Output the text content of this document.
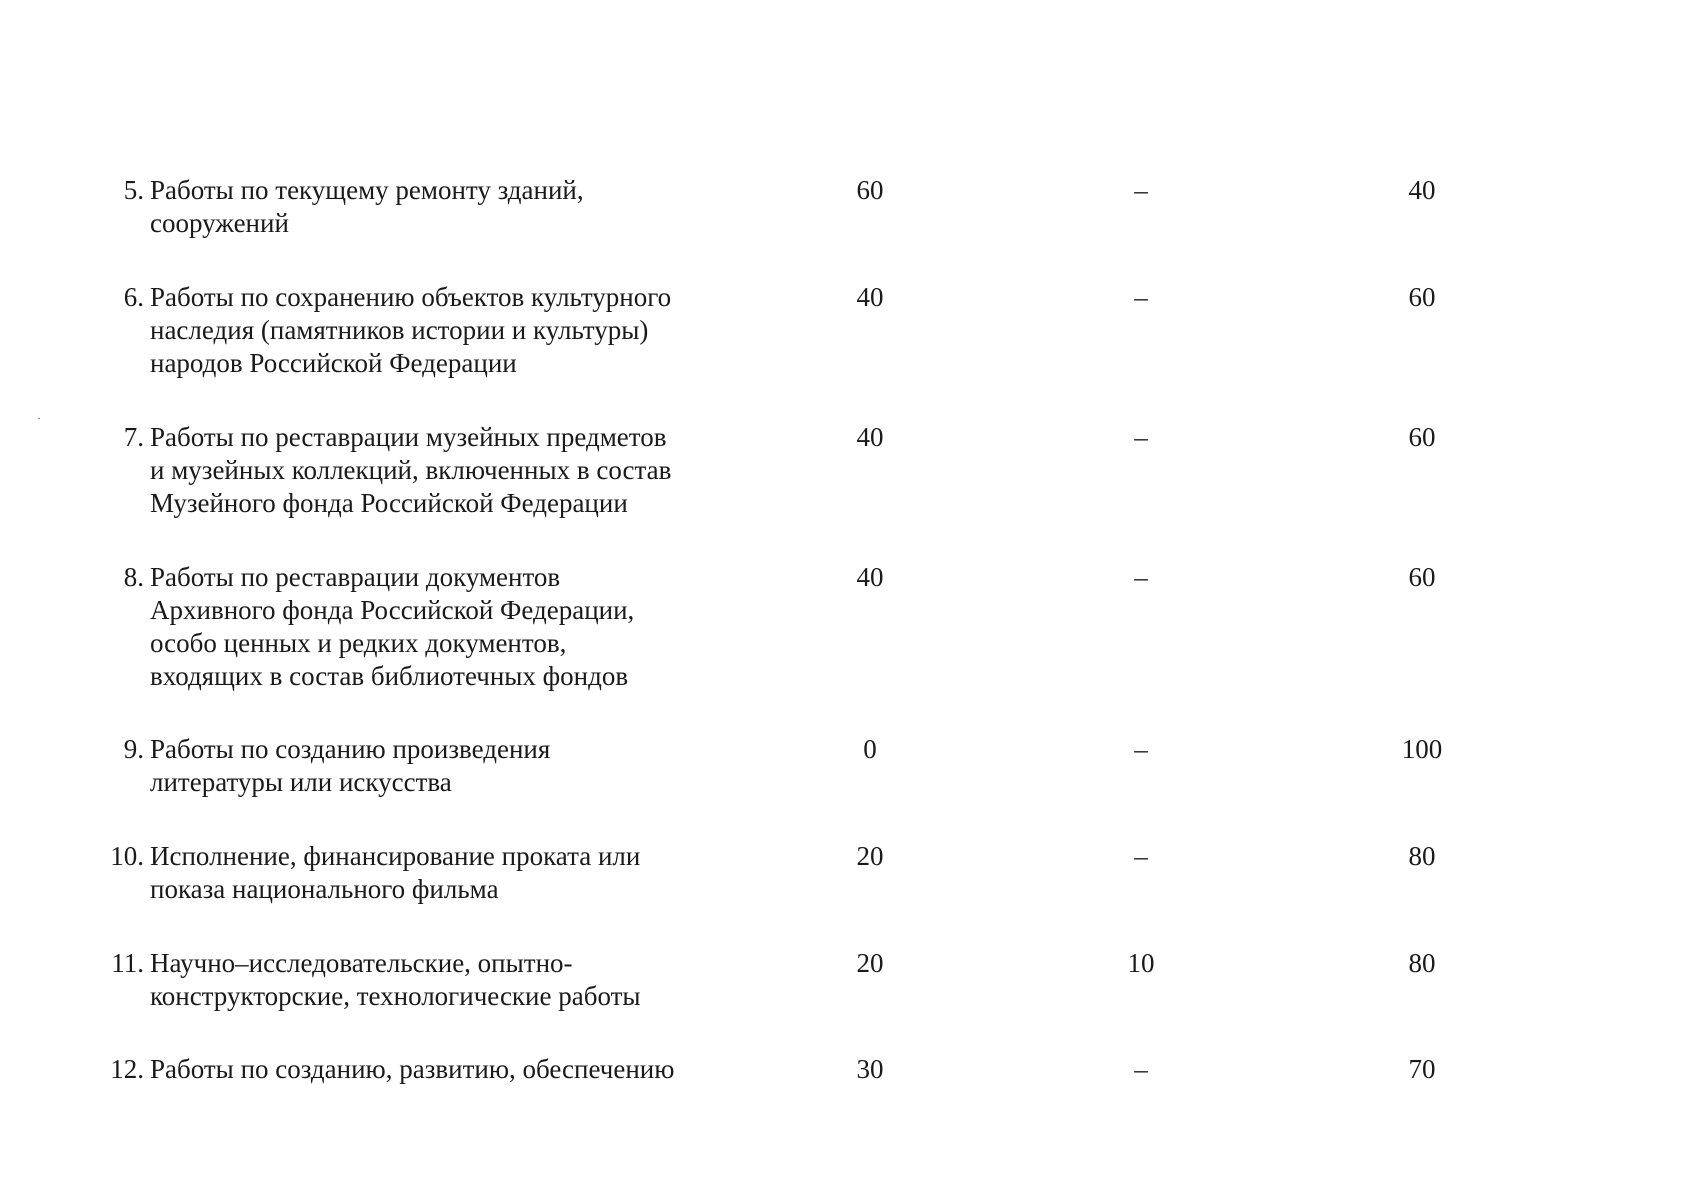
5. Работы по текущему ремонту зданий,
сооружений
60	–	40
6. Работы по сохранению объектов культурного
наследия (памятников истории и культуры)
народов Российской Федерации
40	–	60
7. Работы по реставрации музейных предметов
и музейных коллекций, включенных в состав
Музейного фонда Российской Федерации
40	–	60
8. Работы по реставрации документов
Архивного фонда Российской Федерации,
особо ценных и редких документов,
входящих в состав библиотечных фондов
40	–	60
9. Работы по созданию произведения
литературы или искусства
0	–	100
10. Исполнение, финансирование проката или
показа национального фильма
20	–	80
11. Научно–исследовательские, опытно-
конструкторские, технологические работы
20	10	80
12. Работы по созданию, развитию, обеспечению	30	–	70
